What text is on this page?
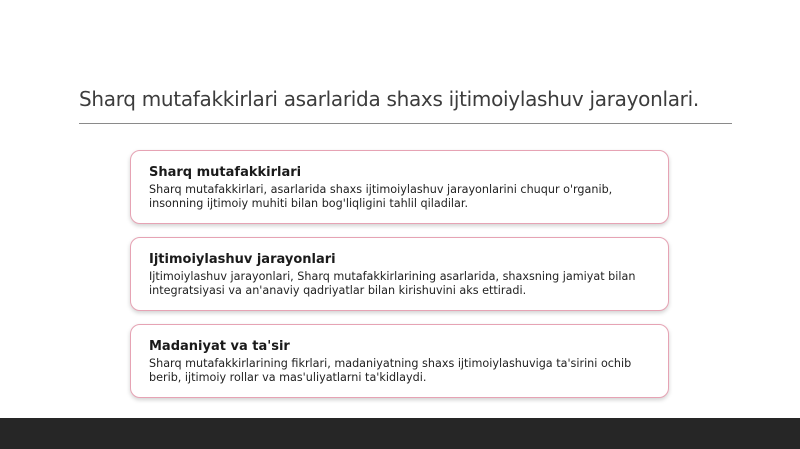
Sharq mutafakkirlari asarlarida shaxs ijtimoiylashuv jarayonlari.
Sharq mutafakkirlari
Sharq mutafakkirlari, asarlarida shaxs ijtimoiylashuv jarayonlarini chuqur o'rganib, insonning ijtimoiy muhiti bilan bog'liqligini tahlil qiladilar.
Ijtimoiylashuv jarayonlari
Ijtimoiylashuv jarayonlari, Sharq mutafakkirlarining asarlarida, shaxsning jamiyat bilan integratsiyasi va an'anaviy qadriyatlar bilan kirishuvini aks ettiradi.
Madaniyat va ta'sir
Sharq mutafakkirlarining fikrlari, madaniyatning shaxs ijtimoiylashuviga ta'sirini ochib berib, ijtimoiy rollar va mas'uliyatlarni ta'kidlaydi.
